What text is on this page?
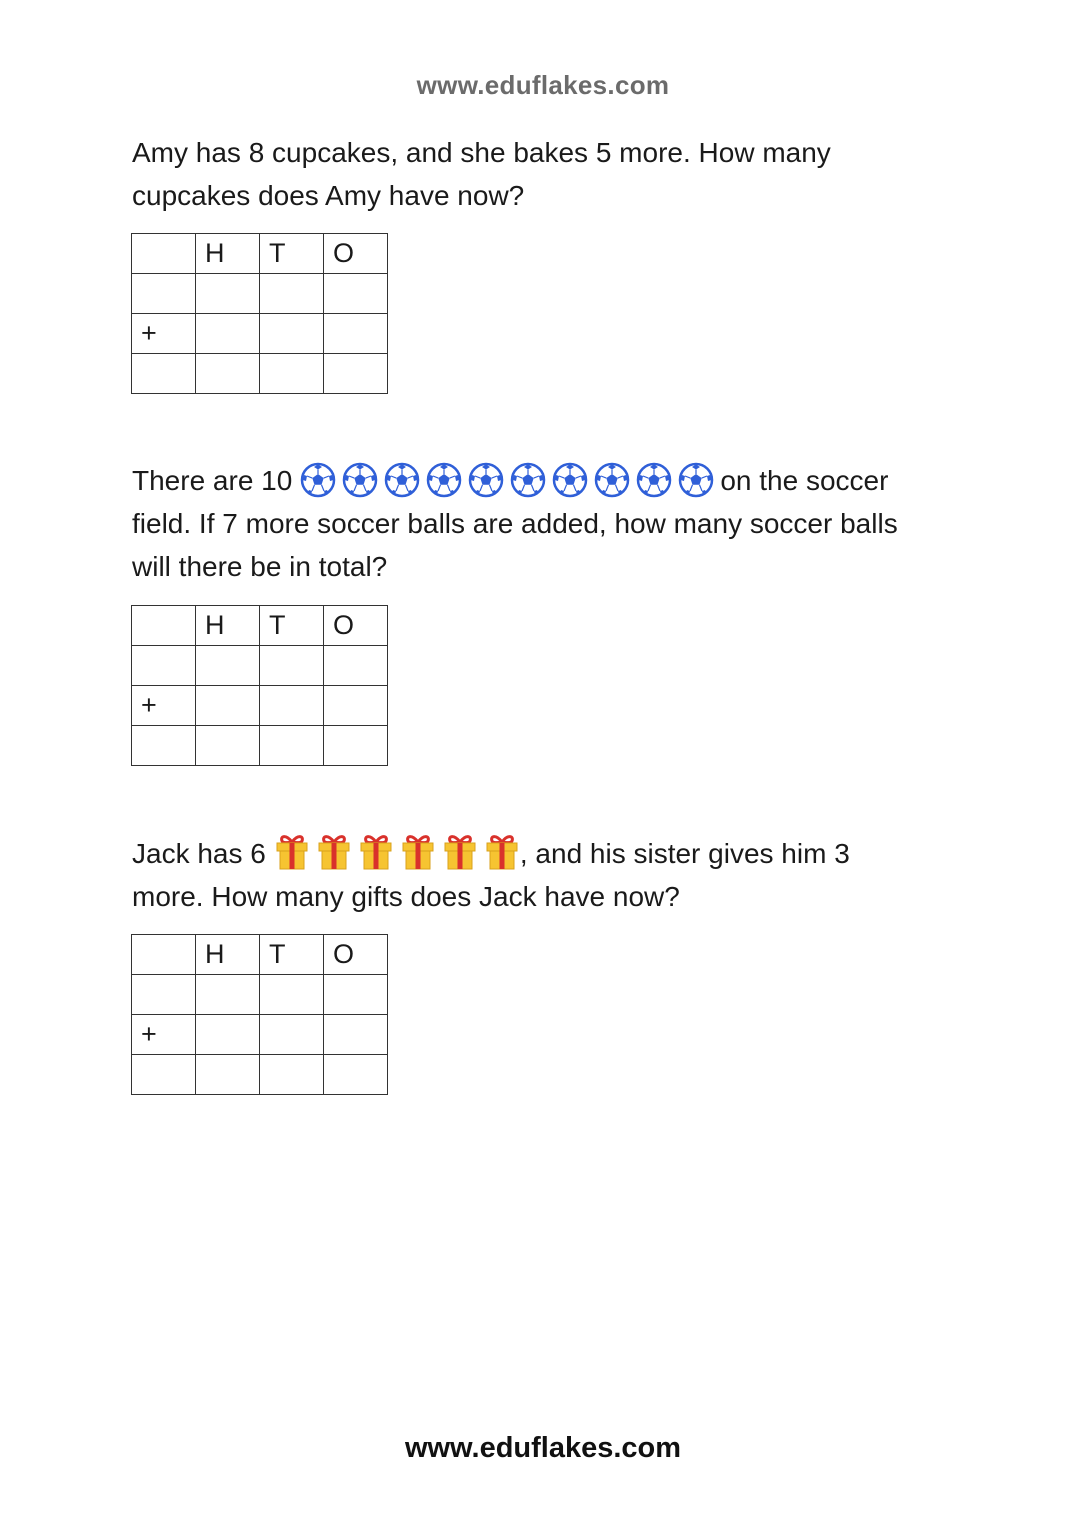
www.eduflakes.com
Amy has 8 cupcakes, and she bakes 5 more. How many
cupcakes does Amy have now?
	H	T	O

+			

There are 10	on the soccer
field. If 7 more soccer balls are added, how many soccer balls
will there be in total?
	H	T	O

+			

Jack has 6	, and his sister gives him 3
more. How many gifts does Jack have now?
	H	T	O

+			

www.eduflakes.com
